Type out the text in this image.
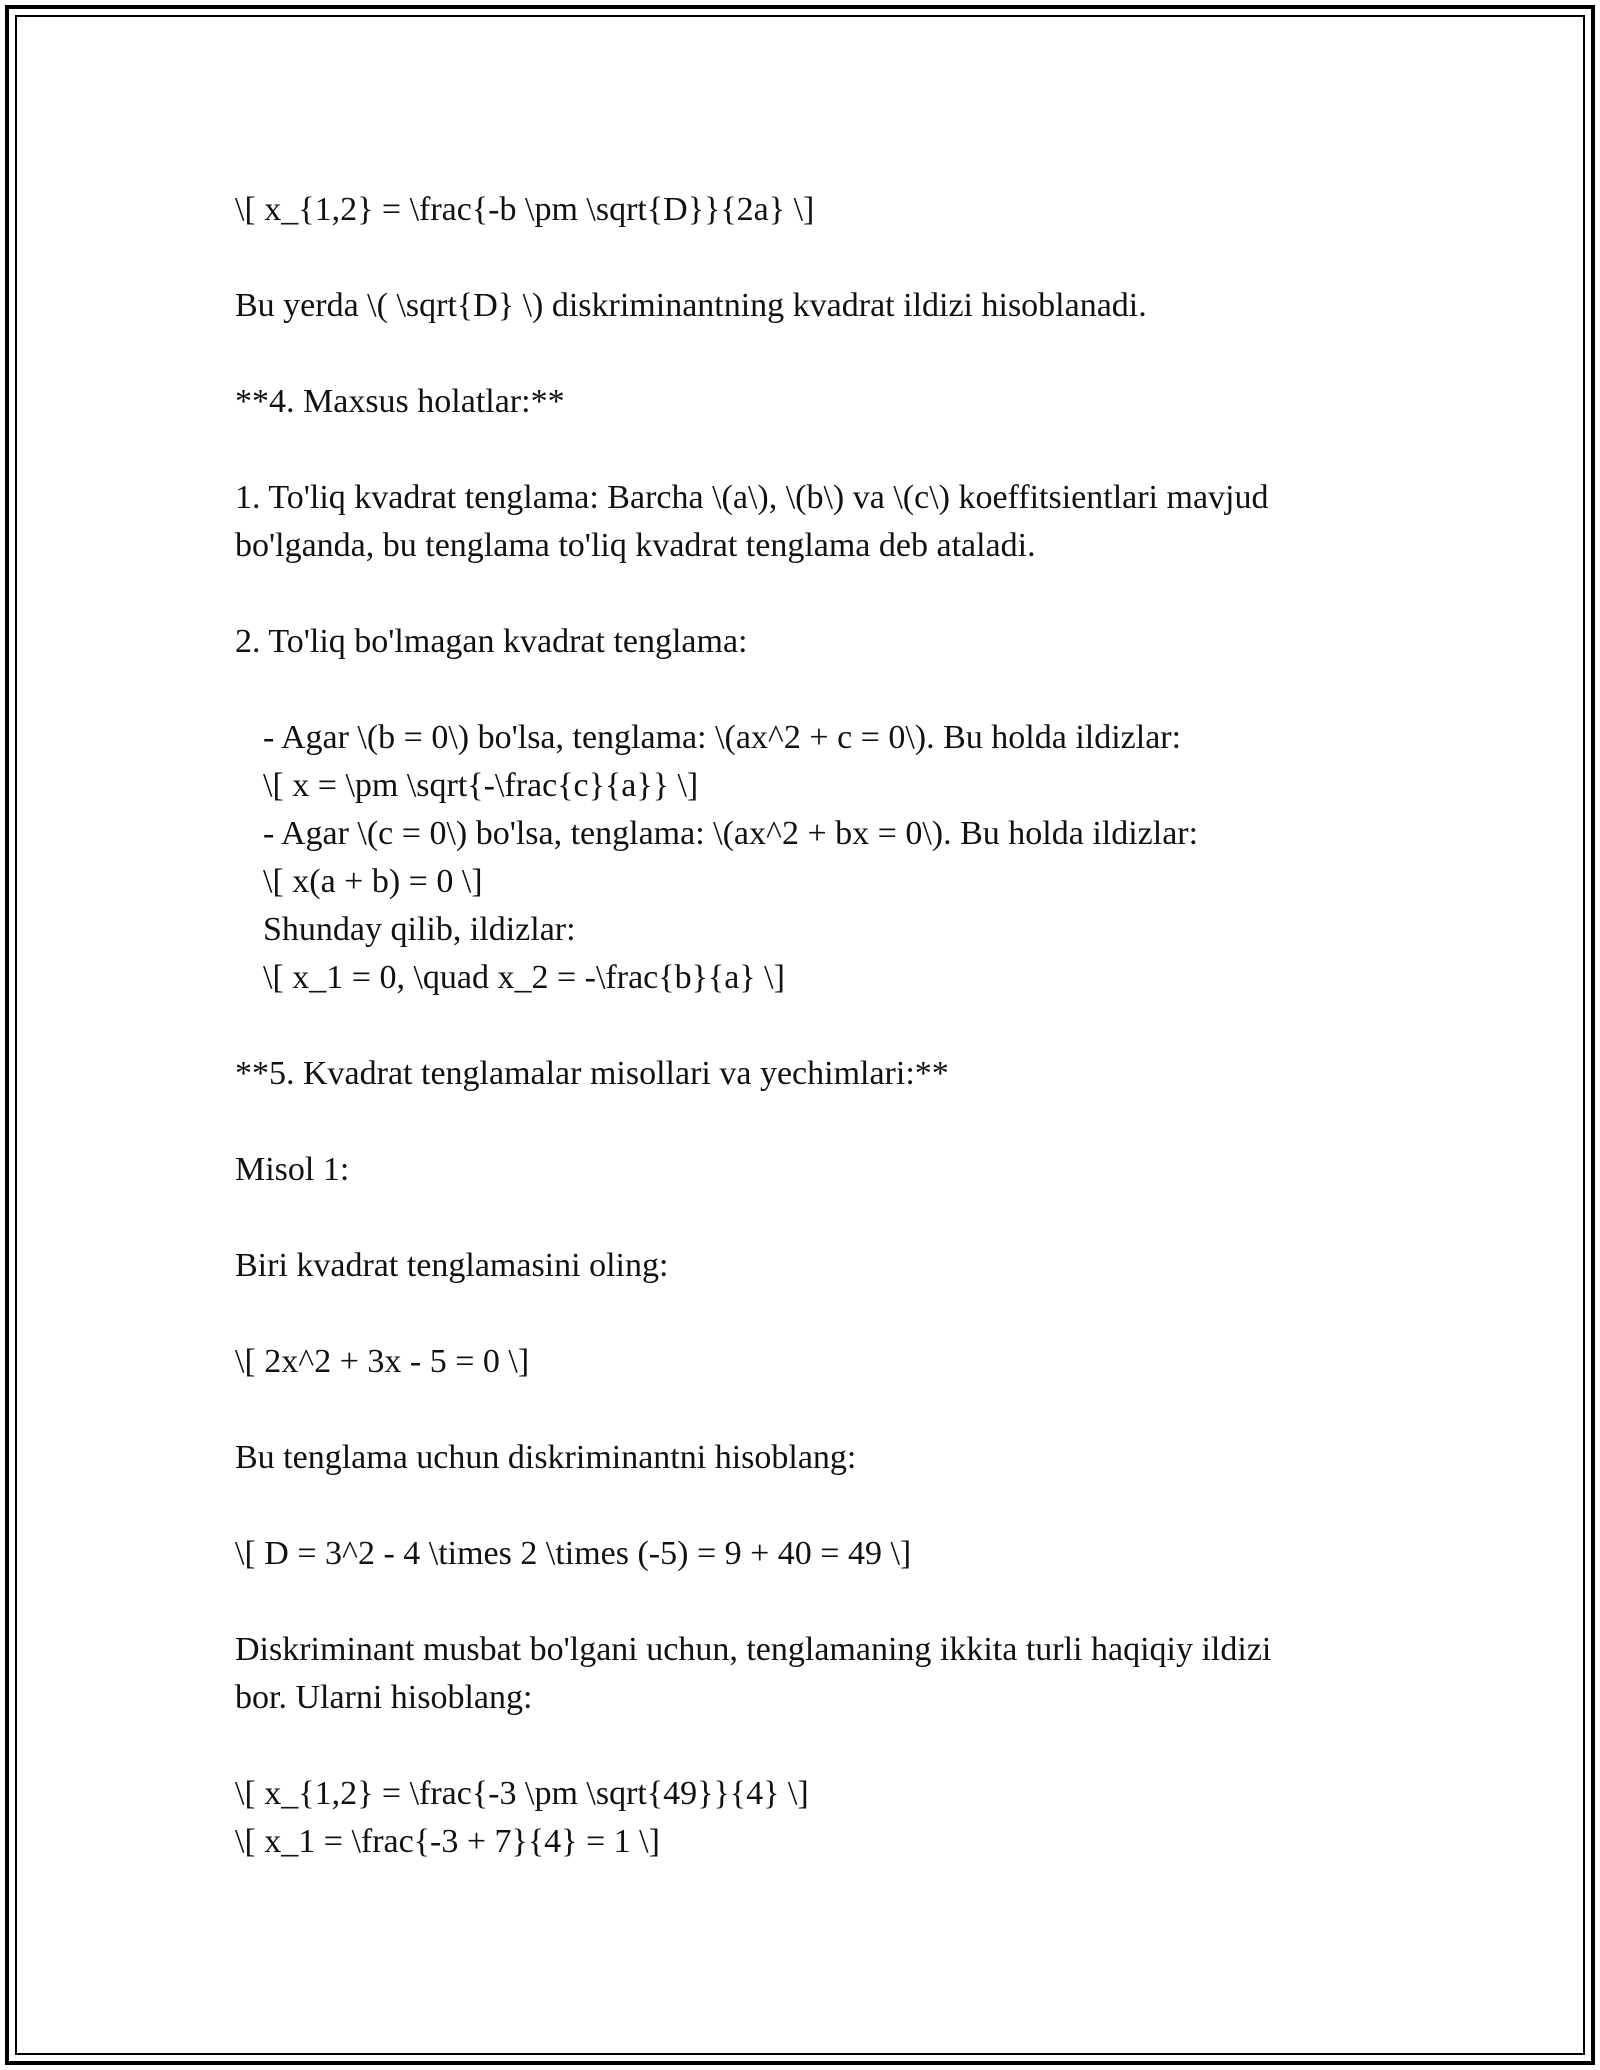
\[ x_{1,2} = \frac{-b \pm \sqrt{D}}{2a} \]
Bu yerda \( \sqrt{D} \) diskriminantning kvadrat ildizi hisoblanadi.
**4. Maxsus holatlar:**
1. To'liq kvadrat tenglama: Barcha \(a\), \(b\) va \(c\) koeffitsientlari mavjud
bo'lganda, bu tenglama to'liq kvadrat tenglama deb ataladi.
2. To'liq bo'lmagan kvadrat tenglama:
- Agar \(b = 0\) bo'lsa, tenglama: \(ax^2 + c = 0\). Bu holda ildizlar:
\[ x = \pm \sqrt{-\frac{c}{a}} \]
- Agar \(c = 0\) bo'lsa, tenglama: \(ax^2 + bx = 0\). Bu holda ildizlar:
\[ x(a + b) = 0 \]
Shunday qilib, ildizlar:
\[ x_1 = 0, \quad x_2 = -\frac{b}{a} \]
**5. Kvadrat tenglamalar misollari va yechimlarі:**
Misol 1:
Biri kvadrat tenglamasini oling:
\[ 2x^2 + 3x - 5 = 0 \]
Bu tenglama uchun diskriminantni hisoblang:
\[ D = 3^2 - 4 \times 2 \times (-5) = 9 + 40 = 49 \]
Diskriminant musbat bo'lgani uchun, tenglamaning ikkita turli haqiqiy ildizi
bor. Ularni hisoblang:
\[ x_{1,2} = \frac{-3 \pm \sqrt{49}}{4} \]
\[ x_1 = \frac{-3 + 7}{4} = 1 \]
